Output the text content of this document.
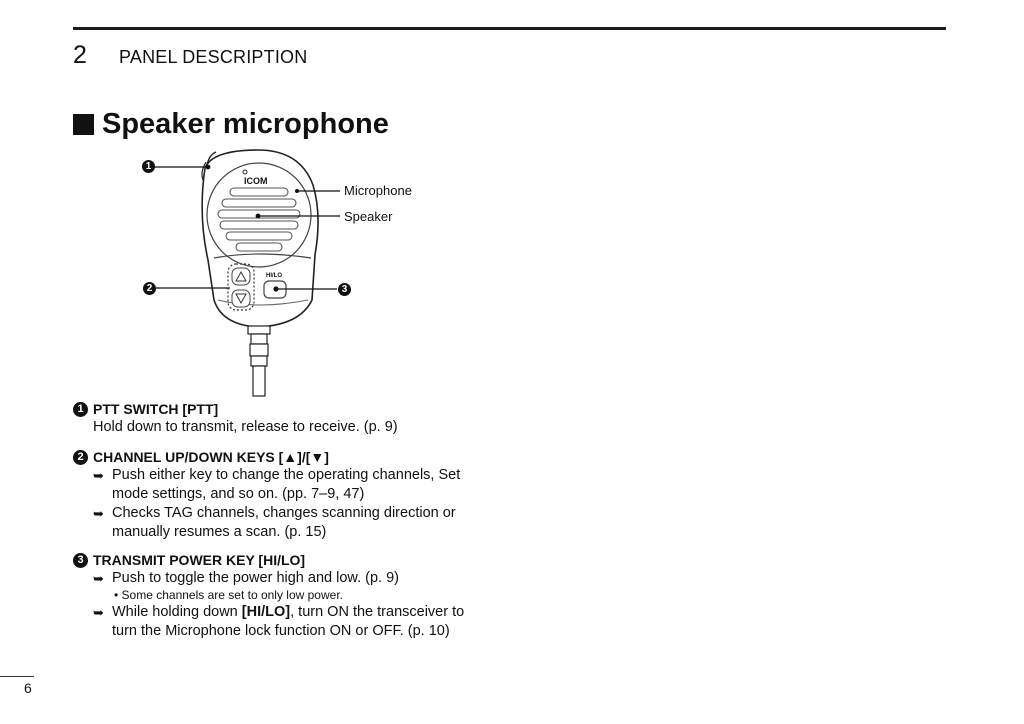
2 PANEL DESCRIPTION
Speaker microphone
ICOM
HI/LO
1
2	3
Microphone
Speaker
1 PTT SWITCH [PTT]
Hold down to transmit, release to receive. (p. 9)
2 CHANNEL UP/DOWN KEYS [▲]/[▼]
➥ Push either key to change the operating channels, Set
mode settings, and so on. (pp. 7–9, 47)
➥ Checks TAG channels, changes scanning direction or
manually resumes a scan. (p. 15)
3 TRANSMIT POWER KEY [HI/LO]
➥ Push to toggle the power high and low. (p. 9)
• Some channels are set to only low power.
➥ While holding down [HI/LO], turn ON the transceiver to
turn the Microphone lock function ON or OFF. (p. 10)
6
